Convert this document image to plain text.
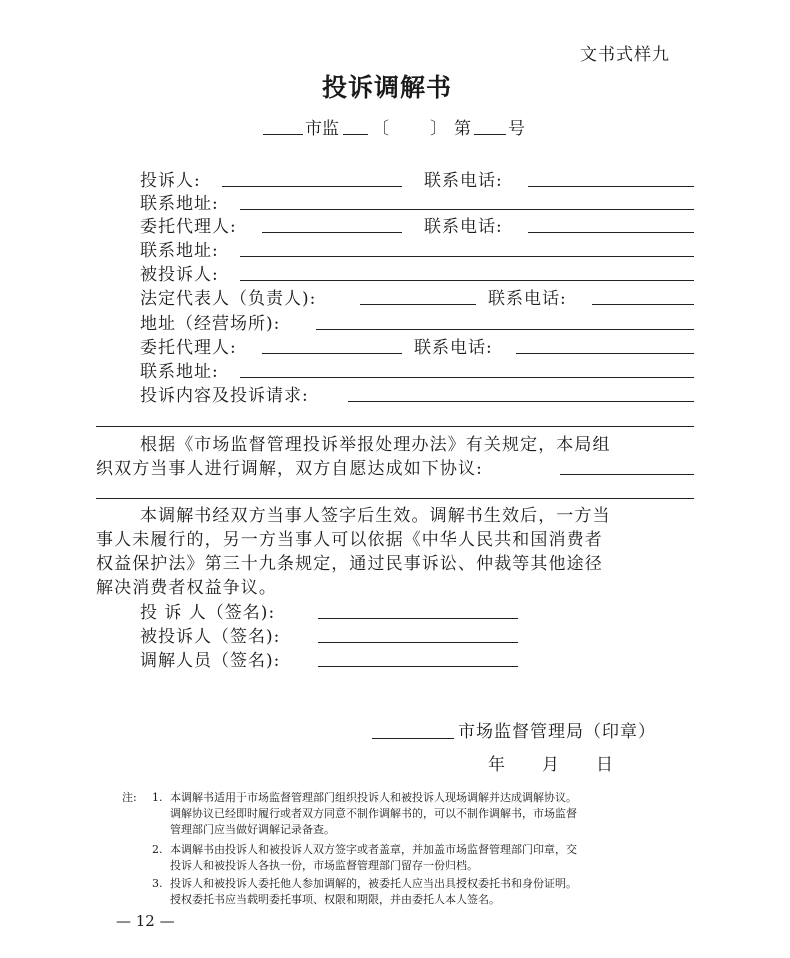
文书式样九
投诉调解书
市监 〔 〕 第 号
投诉人:	联系电话:
联系地址:
委托代理人:	联系电话:
联系地址:
被投诉人:
法定代表人（负责人):	联系电话:
地址（经营场所):
委托代理人:	联系电话:
联系地址:
投诉内容及投诉请求:
根据《市场监督管理投诉举报处理办法》有关规定，本局组
织双方当事人进行调解，双方自愿达成如下协议:
本调解书经双方当事人签字后生效。调解书生效后，一方当
事人未履行的，另一方当事人可以依据《中华人民共和国消费者
权益保护法》第三十九条规定，通过民事诉讼、仲裁等其他途径
解决消费者权益争议。
投 诉 人（签名):
被投诉人（签名):
调解人员（签名):
市场监督管理局（印章）
年 月 日
注: 1. 本调解书适用于市场监督管理部门组织投诉人和被投诉人现场调解并达成调解协议。
调解协议已经即时履行或者双方同意不制作调解书的，可以不制作调解书，市场监督
管理部门应当做好调解记录备查。
2. 本调解书由投诉人和被投诉人双方签字或者盖章，并加盖市场监督管理部门印章，交
投诉人和被投诉人各执一份，市场监督管理部门留存一份归档。
3. 投诉人和被投诉人委托他人参加调解的，被委托人应当出具授权委托书和身份证明。
授权委托书应当载明委托事项、权限和期限，并由委托人本人签名。
— 12 —
